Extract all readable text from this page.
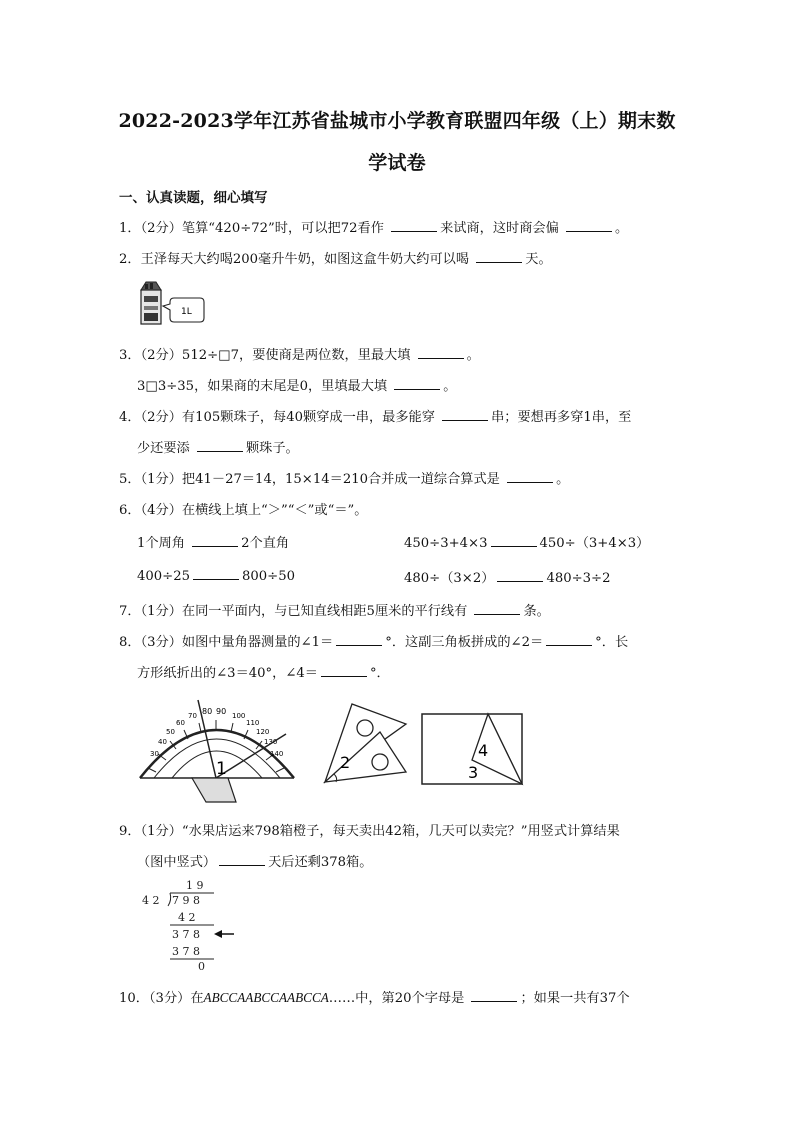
2022-2023学年江苏省盐城市小学教育联盟四年级（上）期末数
学试卷
一、认真读题，细心填写
1．（2分）笔算“420÷72”时，可以把72看作	来试商，这时商会偏	。
2．王泽每天大约喝200毫升牛奶，如图这盒牛奶大约可以喝	天。
1L
3．（2分）512÷□7，要使商是两位数，里最大填	。
3□3÷35，如果商的末尾是0，里填最大填	。
4．（2分）有105颗珠子，每40颗穿成一串，最多能穿	串；要想再多穿1串，至
少还要添	颗珠子。
5．（1分）把41－27＝14，15×14＝210合并成一道综合算式是	。
6．（4分）在横线上填上“＞”“＜”或“＝”。
1个周角	2个直角	450÷3+4×3	450÷（3+4×3）
400÷25	800÷50	480÷（3×2）	480÷3÷2
7．（1分）在同一平面内，与已知直线相距5厘米的平行线有	条。
8．（3分）如图中量角器测量的∠1＝	°．这副三角板拼成的∠2＝	°．长
方形纸折出的∠3＝40°，∠4＝	°．
80 90
70
60
50
40
30
100
110
120
130
140
1	2
4
3
9．（1分）“水果店运来798箱橙子，每天卖出42箱，几天可以卖完？”用竖式计算结果
（图中竖式）	天后还剩378箱。
1 9
4 2 7 9 8
4 2
3 7 8
3 7 8
0
10．（3分）在ABCCAABCCAABCCA……中，第20个字母是	；如果一共有37个
